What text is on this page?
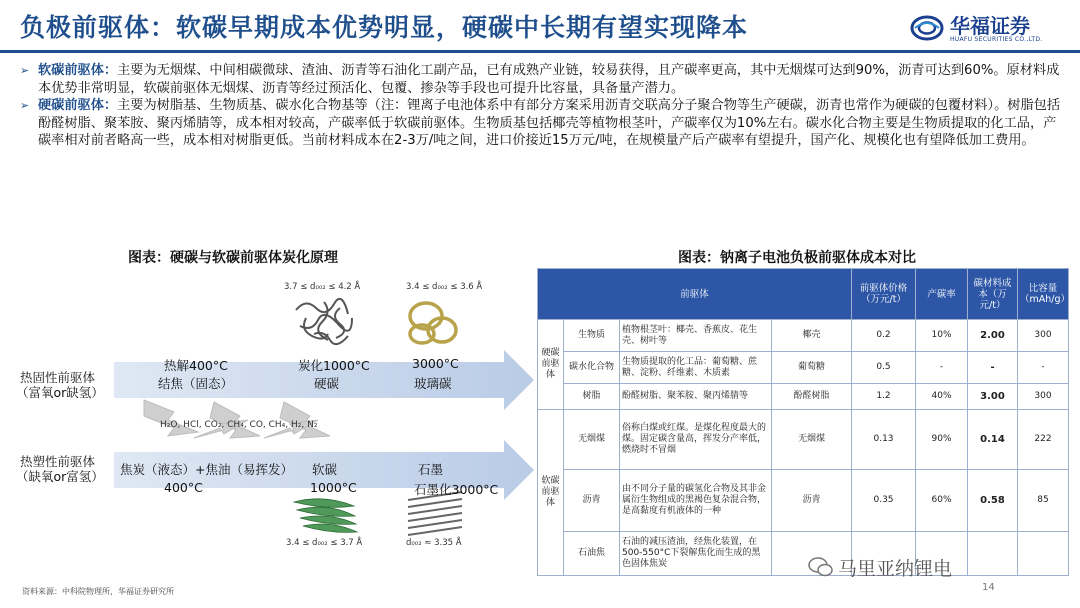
负极前驱体：软碳早期成本优势明显，硬碳中长期有望实现降本	华福证券
HUAFU SECURITIES CO.,LTD.
➢ 软碳前驱体：主要为无烟煤、中间相碳微球、渣油、沥青等石油化工副产品，已有成熟产业链，较易获得，且产碳率更高，其中无烟煤可达到90%，沥青可达到60%。原材料成本优势非常明显，软碳前驱体无烟煤、沥青等经过预活化、包覆、掺杂等手段也可提升比容量，具备量产潜力。
➢ 硬碳前驱体：主要为树脂基、生物质基、碳水化合物基等（注：锂离子电池体系中有部分方案采用沥青交联高分子聚合物等生产硬碳，沥青也常作为硬碳的包覆材料）。树脂包括酚醛树脂、聚苯胺、聚丙烯腈等，成本相对较高，产碳率低于软碳前驱体。生物质基包括椰壳等植物根茎叶，产碳率仅为10%左右。碳水化合物主要是生物质提取的化工品，产碳率相对前者略高一些，成本相对树脂更低。当前材料成本在2-3万/吨之间，进口价接近15万元/吨，在规模量产后产碳率有望提升，国产化、规模化也有望降低加工费用。
图表：硬碳与软碳前驱体炭化原理	图表：钠离子电池负极前驱体成本对比
3.7 ≤ d₀₀₂ ≤ 4.2 Å	3.4 ≤ d₀₀₂ ≤ 3.6 Å
热解400°C	炭化1000°C	3000°C
热固性前驱体
（富氧or缺氢）
结焦（固态）	硬碳	玻璃碳
H₂O, HCl, CO₂, CH₄, CO, CH₄, H₂, N₂
热塑性前驱体
（缺氧or富氢） 焦炭（液态）+焦油（易挥发） 软碳	石墨
400°C	1000°C	石墨化3000°C
3.4 ≤ d₀₀₂ ≤ 3.7 Å	d₀₀₂ ≈ 3.35 Å
前驱体				前驱体价格（万元/t）	产碳率	碳材料成本（万元/t）	比容量（mAh/g）
硬碳前驱体	生物质	植物根茎叶：椰壳、香蕉皮、花生壳、树叶等	椰壳	0.2	10%	2.00	300
	碳水化合物	生物质提取的化工品：葡萄糖、蔗糖、淀粉、纤维素、木质素	葡萄糖	0.5	-	-	-
	树脂	酚醛树脂、聚苯胺、聚丙烯腈等	酚醛树脂	1.2	40%	3.00	300
软碳前驱体	无烟煤	俗称白煤或红煤。是煤化程度最大的煤。固定碳含量高，挥发分产率低，燃烧时不冒烟	无烟煤	0.13	90%	0.14	222
	沥青	由不同分子量的碳氢化合物及其非金属衍生物组成的黑褐色复杂混合物，是高黏度有机液体的一种	沥青	0.35	60%	0.58	85
	石油焦	石油的减压渣油，经焦化装置，在500-550°C下裂解焦化而生成的黑色固体焦炭					
资料来源：中科院物理所，华福证券研究所	14
马里亚纳锂电
